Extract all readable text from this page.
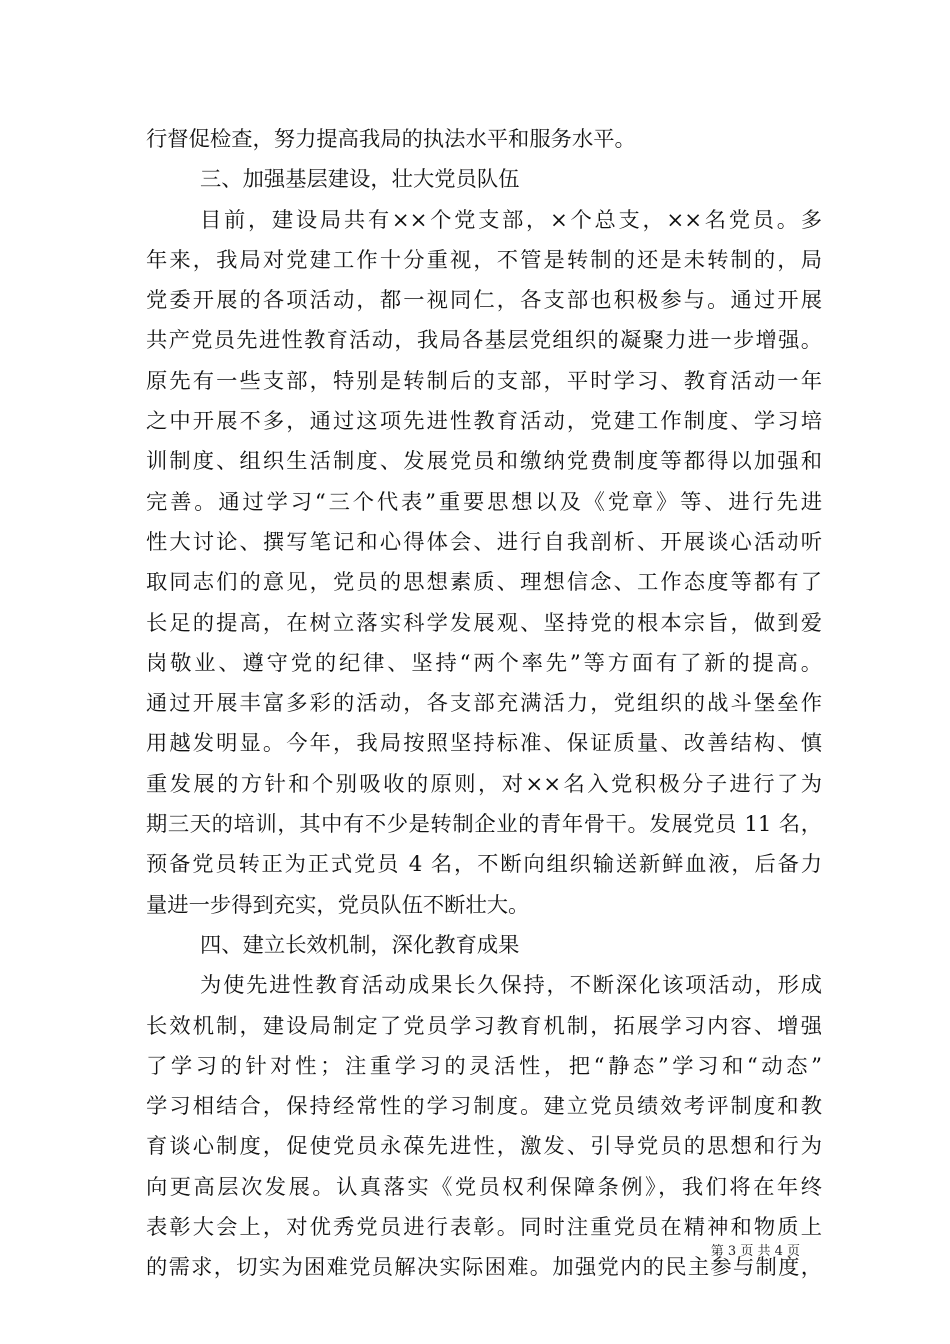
行督促检查，努力提高我局的执法水平和服务水平。
三、加强基层建设，壮大党员队伍
目前，建设局共有××个党支部，×个总支，××名党员。多
年来，我局对党建工作十分重视，不管是转制的还是未转制的，局
党委开展的各项活动，都一视同仁，各支部也积极参与。通过开展
共产党员先进性教育活动，我局各基层党组织的凝聚力进一步增强。
原先有一些支部，特别是转制后的支部，平时学习、教育活动一年
之中开展不多，通过这项先进性教育活动，党建工作制度、学习培
训制度、组织生活制度、发展党员和缴纳党费制度等都得以加强和
完善。通过学习“三个代表”重要思想以及《党章》等、进行先进
性大讨论、撰写笔记和心得体会、进行自我剖析、开展谈心活动听
取同志们的意见，党员的思想素质、理想信念、工作态度等都有了
长足的提高，在树立落实科学发展观、坚持党的根本宗旨，做到爱
岗敬业、遵守党的纪律、坚持“两个率先”等方面有了新的提高。
通过开展丰富多彩的活动，各支部充满活力，党组织的战斗堡垒作
用越发明显。今年，我局按照坚持标准、保证质量、改善结构、慎
重发展的方针和个别吸收的原则，对××名入党积极分子进行了为
期三天的培训，其中有不少是转制企业的青年骨干。发展党员 11 名，
预备党员转正为正式党员 4 名，不断向组织输送新鲜血液，后备力
量进一步得到充实，党员队伍不断壮大。
四、建立长效机制，深化教育成果
为使先进性教育活动成果长久保持，不断深化该项活动，形成
长效机制，建设局制定了党员学习教育机制，拓展学习内容、增强
了学习的针对性；注重学习的灵活性，把“静态”学习和“动态”
学习相结合，保持经常性的学习制度。建立党员绩效考评制度和教
育谈心制度，促使党员永葆先进性，激发、引导党员的思想和行为
向更高层次发展。认真落实《党员权利保障条例》，我们将在年终
表彰大会上，对优秀党员进行表彰。同时注重党员在精神和物质上
的需求，切实为困难党员解决实际困难。加强党内的民主参与制度，
第 3 页 共 4 页
